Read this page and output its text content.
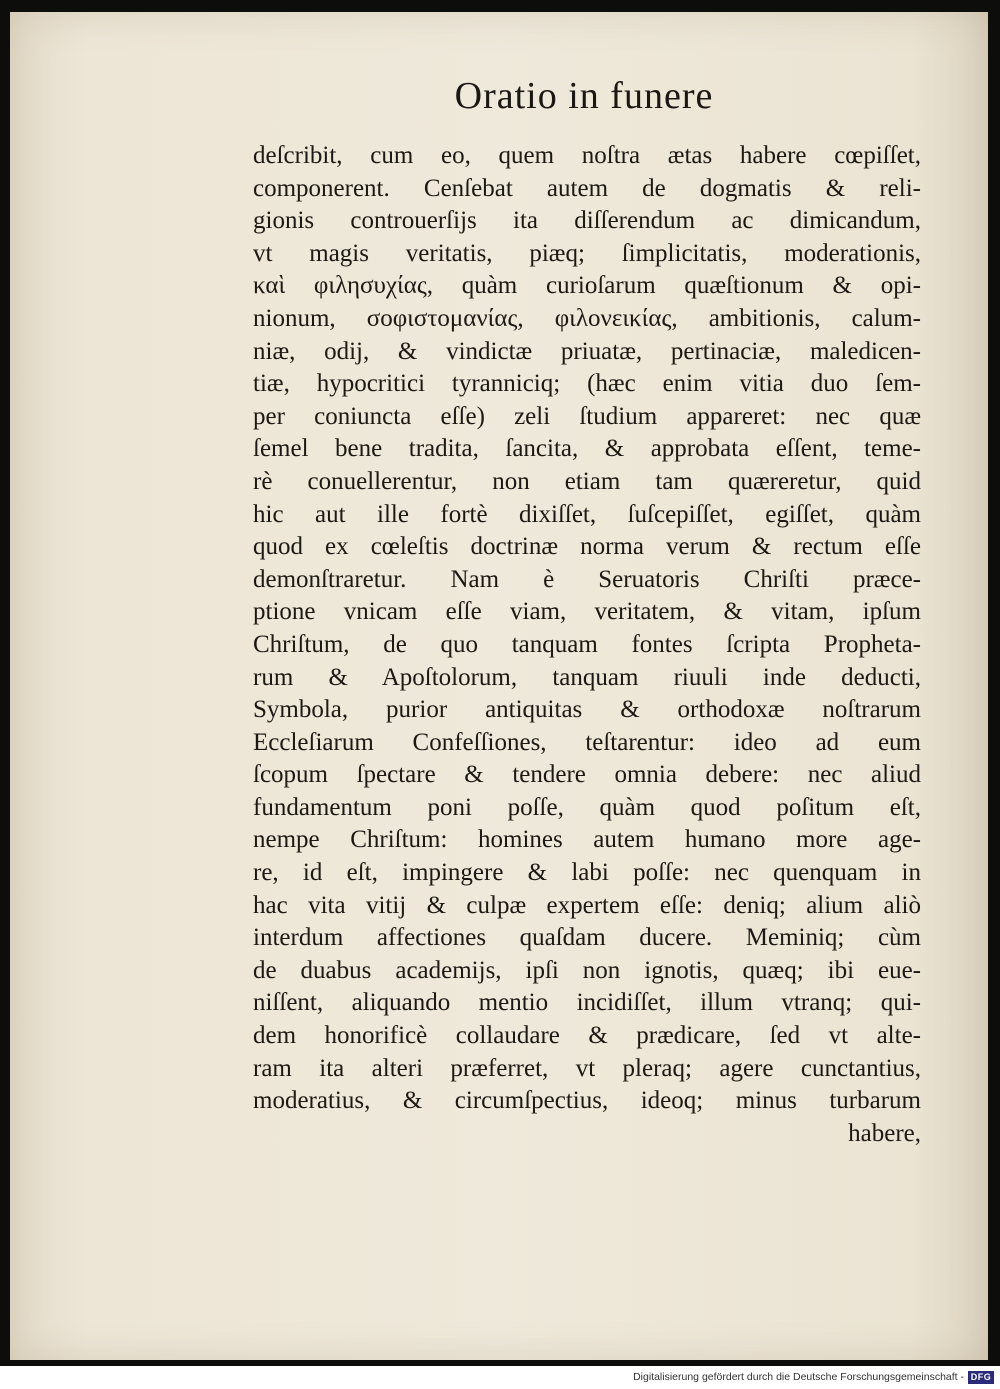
Oratio in funere
deſcribit, cum eo, quem noſtra ætas habere cœpiſſet,
componerent. Cenſebat autem de dogmatis & reli-
gionis controuerſijs ita diſſerendum ac dimicandum,
vt magis veritatis, piæq; ſimplicitatis, moderationis,
καὶ φιλησυχίας, quàm curioſarum quæſtionum & opi-
nionum, σοφιστομανίας, φιλονεικίας, ambitionis, calum-
niæ, odij, & vindictæ priuatæ, pertinaciæ, maledicen-
tiæ, hypocritici tyranniciq; (hæc enim vitia duo ſem-
per coniuncta eſſe) zeli ſtudium appareret: nec quæ
ſemel bene tradita, ſancita, & approbata eſſent, teme-
rè conuellerentur, non etiam tam quæreretur, quid
hic aut ille fortè dixiſſet, ſuſcepiſſet, egiſſet, quàm
quod ex cœleſtis doctrinæ norma verum & rectum eſſe
demonſtraretur. Nam è Seruatoris Chriſti præce-
ptione vnicam eſſe viam, veritatem, & vitam, ipſum
Chriſtum, de quo tanquam fontes ſcripta Propheta-
rum & Apoſtolorum, tanquam riuuli inde deducti,
Symbola, purior antiquitas & orthodoxæ noſtrarum
Eccleſiarum Confeſſiones, teſtarentur: ideo ad eum
ſcopum ſpectare & tendere omnia debere: nec aliud
fundamentum poni poſſe, quàm quod poſitum eſt,
nempe Chriſtum: homines autem humano more age-
re, id eſt, impingere & labi poſſe: nec quenquam in
hac vita vitij & culpæ expertem eſſe: deniq; alium aliò
interdum affectiones quaſdam ducere. Meminiq; cùm
de duabus academijs, ipſi non ignotis, quæq; ibi eue-
niſſent, aliquando mentio incidiſſet, illum vtranq; qui-
dem honorificè collaudare & prædicare, ſed vt alte-
ram ita alteri præferret, vt pleraq; agere cunctantius,
moderatius, & circumſpectius, ideoq; minus turbarum
habere,
Digitalisierung gefördert durch die Deutsche Forschungsgemeinschaft - DFG
